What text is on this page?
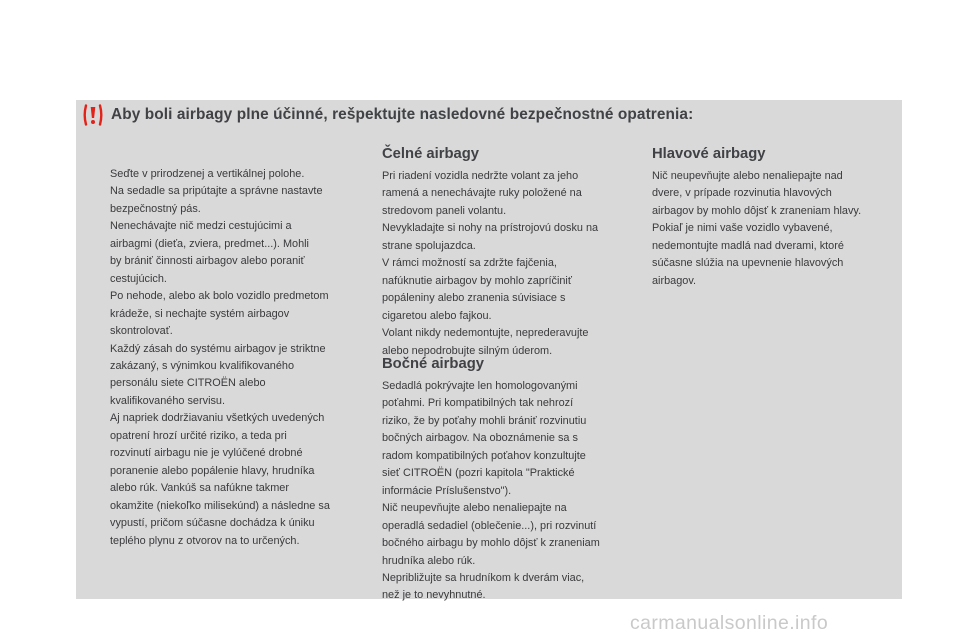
Aby boli airbagy plne účinné, rešpektujte nasledovné bezpečnostné opatrenia:

Seďte v prirodzenej a vertikálnej polohe.

Na sedadle sa pripútajte a správne nastavte

bezpečnostný pás.

Nenechávajte nič medzi cestujúcimi a

airbagmi (dieťa, zviera, predmet...). Mohli

by brániť činnosti airbagov alebo poraniť

cestujúcich.

Po nehode, alebo ak bolo vozidlo predmetom

krádeže, si nechajte systém airbagov

skontrolovať.

Každý zásah do systému airbagov je striktne

zakázaný, s výnimkou kvalifikovaného

personálu siete CITROËN alebo

kvalifikovaného servisu.

Aj napriek dodržiavaniu všetkých uvedených

opatrení hrozí určité riziko, a teda pri

rozvinutí airbagu nie je vylúčené drobné

poranenie alebo popálenie hlavy, hrudníka

alebo rúk. Vankúš sa nafúkne takmer

okamžite (niekoľko milisekúnd) a následne sa

vypustí, pričom súčasne dochádza k úniku

teplého plynu z otvorov na to určených.

Čelné airbagy

Pri riadení vozidla nedržte volant za jeho

ramená a nenechávajte ruky položené na

stredovom paneli volantu.

Nevykladajte si nohy na prístrojovú dosku na

strane spolujazdca.

V rámci možností sa zdržte fajčenia,

nafúknutie airbagov by mohlo zapríčiniť

popáleniny alebo zranenia súvisiace s

cigaretou alebo fajkou.

Volant nikdy nedemontujte, neprederavujte

alebo nepodrobujte silným úderom.

Bočné airbagy

Sedadlá pokrývajte len homologovanými

poťahmi. Pri kompatibilných tak nehrozí

riziko, že by poťahy mohli brániť rozvinutiu

bočných airbagov. Na oboznámenie sa s

radom kompatibilných poťahov konzultujte

sieť CITROËN (pozri kapitola "Praktické

informácie Príslušenstvo").

Nič neupevňujte alebo nenaliepajte na

operadlá sedadiel (oblečenie...), pri rozvinutí

bočného airbagu by mohlo dôjsť k zraneniam

hrudníka alebo rúk.

Nepribližujte sa hrudníkom k dverám viac,

než je to nevyhnutné.

Hlavové airbagy

Nič neupevňujte alebo nenaliepajte nad

dvere, v prípade rozvinutia hlavových

airbagov by mohlo dôjsť k zraneniam hlavy.

Pokiaľ je nimi vaše vozidlo vybavené,

nedemontujte madlá nad dverami, ktoré

súčasne slúžia na upevnenie hlavových

airbagov.

carmanualsonline.info
